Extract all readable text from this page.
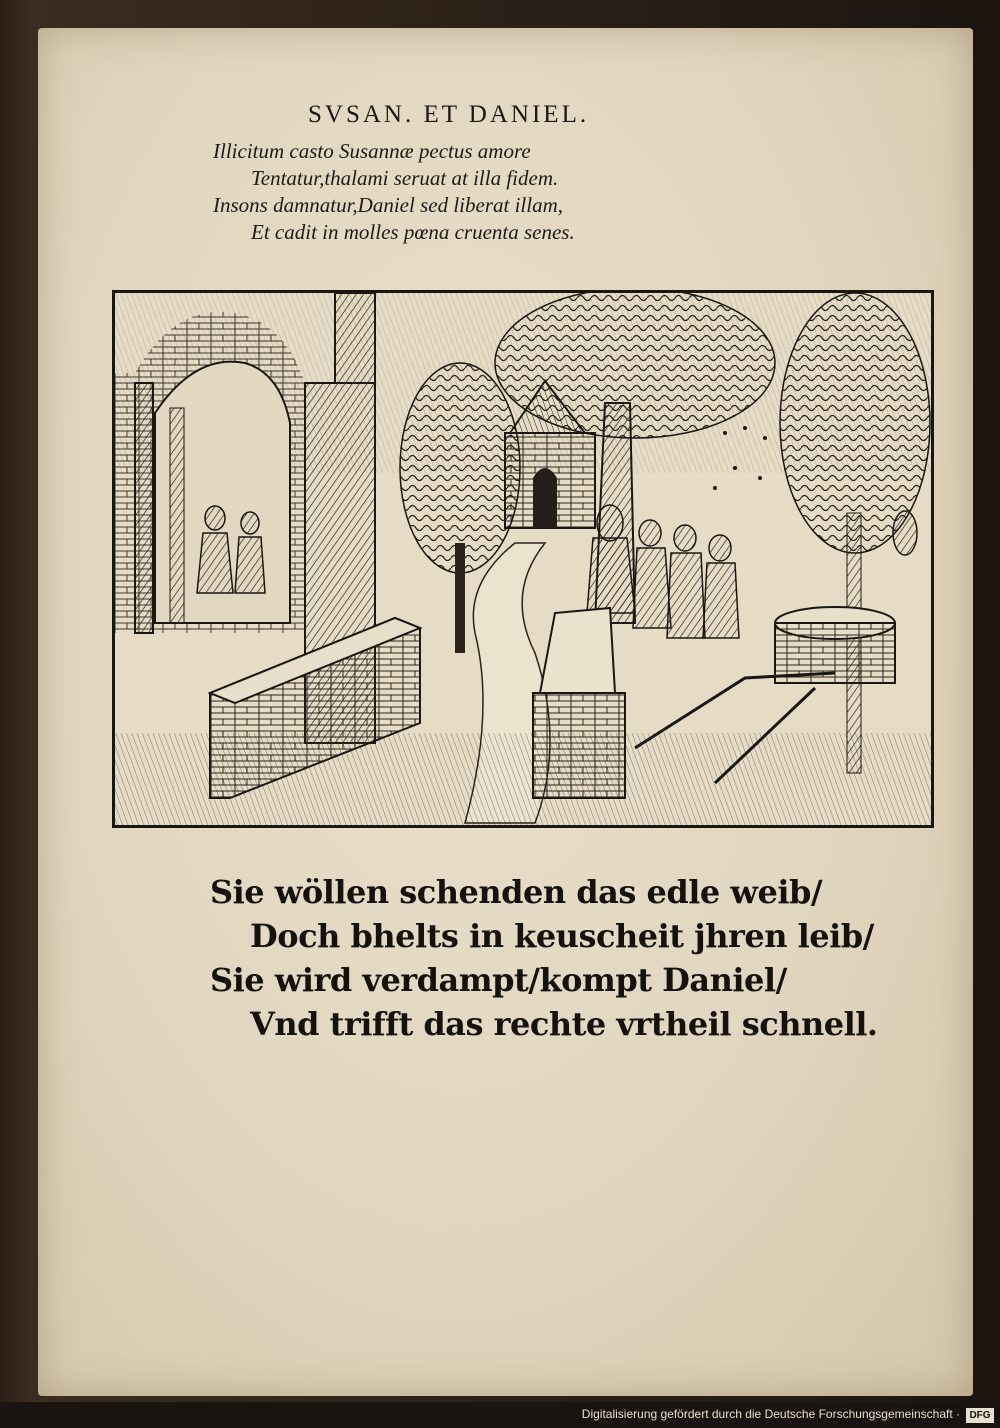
SVSAN. ET DANIEL.
Illicitum casto Susannæ pectus amore
Tentatur,thalami seruat at illa fidem.
Insons damnatur,Daniel sed liberat illam,
Et cadit in molles pœna cruenta senes.
Sie wöllen schenden das edle weib/
Doch bhelts in keuscheit jhren leib/
Sie wird verdampt/kompt Daniel/
Vnd trifft das rechte vrtheil schnell.
Digitalisierung gefördert durch die Deutsche Forschungsgemeinschaft · DFG
